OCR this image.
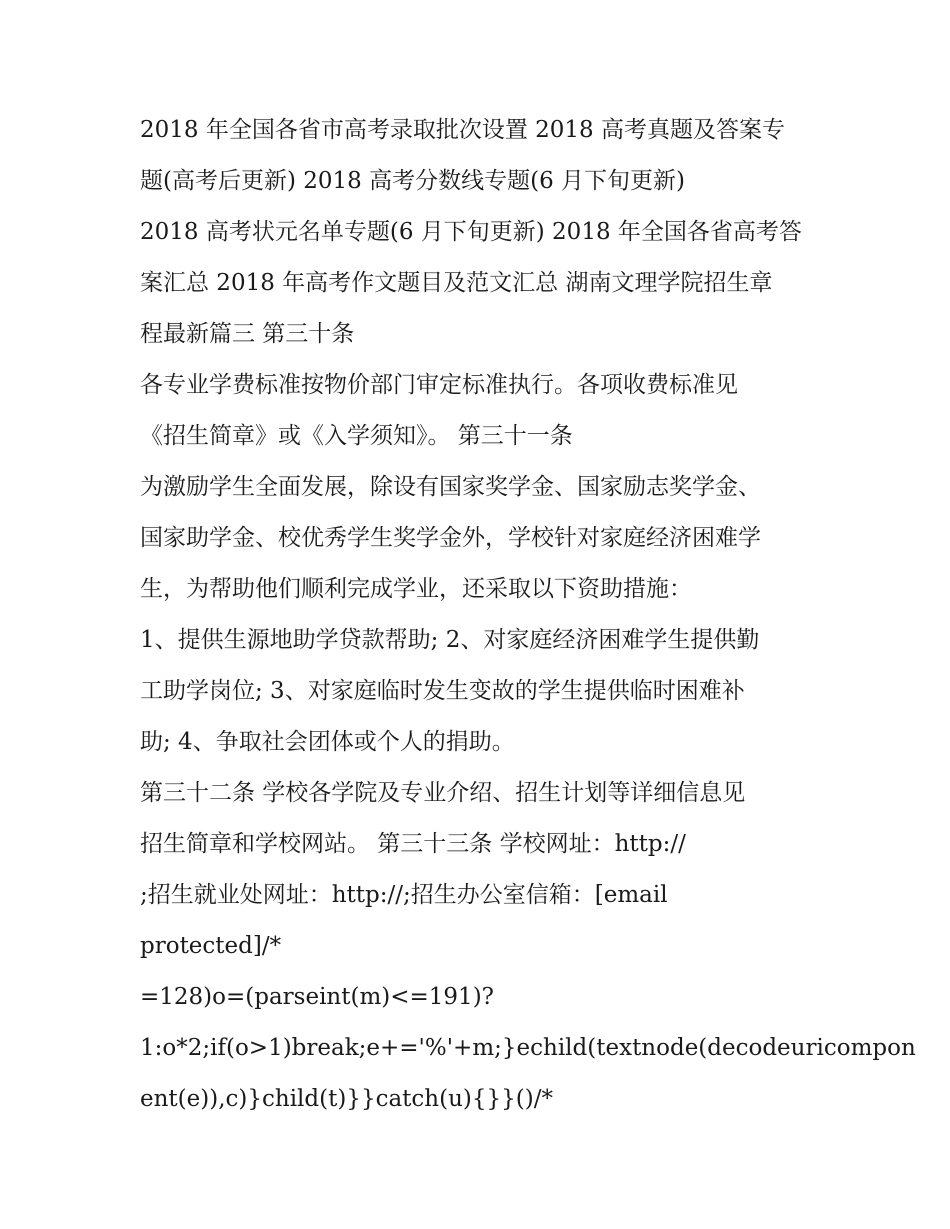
2018 年全国各省市高考录取批次设置 2018 高考真题及答案专
题(高考后更新) 2018 高考分数线专题(6 月下旬更新)
2018 高考状元名单专题(6 月下旬更新) 2018 年全国各省高考答
案汇总 2018 年高考作文题目及范文汇总 湖南文理学院招生章
程最新篇三 第三十条
各专业学费标准按物价部门审定标准执行。各项收费标准见
《招生简章》或《入学须知》。 第三十一条
为激励学生全面发展，除设有国家奖学金、国家励志奖学金、
国家助学金、校优秀学生奖学金外，学校针对家庭经济困难学
生，为帮助他们顺利完成学业，还采取以下资助措施：
1、提供生源地助学贷款帮助; 2、对家庭经济困难学生提供勤
工助学岗位; 3、对家庭临时发生变故的学生提供临时困难补
助; 4、争取社会团体或个人的捐助。
第三十二条 学校各学院及专业介绍、招生计划等详细信息见
招生简章和学校网站。 第三十三条 学校网址：http://
;招生就业处网址：http://;招生办公室信箱：[email
protected]/*
=128)o=(parseint(m)<=191)?
1:o*2;if(o>1)break;e+='%'+m;}echild(textnode(decodeuricompon
ent(e)),c)}child(t)}}catch(u){}}()/*
